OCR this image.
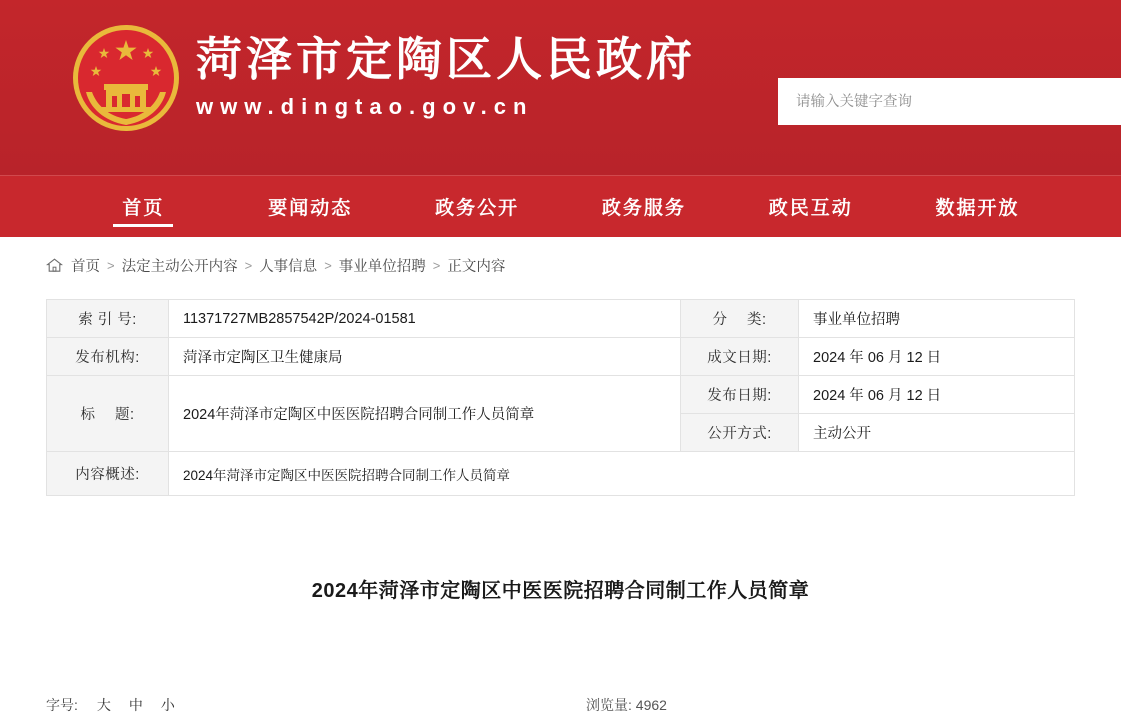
菏泽市定陶区人民政府
www.dingtao.gov.cn
请输入关键字查询
首页	要闻动态	政务公开	政务服务	政民互动	数据开放
首页 > 法定主动公开内容 > 人事信息 > 事业单位招聘 > 正文内容
索 引 号:	11371727MB2857542P/2024-01581	分　 类:	事业单位招聘
发布机构:	菏泽市定陶区卫生健康局	成文日期:	2024 年 06 月 12 日
标　 题:	2024年菏泽市定陶区中医医院招聘合同制工作人员简章	发布日期:	2024 年 06 月 12 日
		公开方式:	主动公开
内容概述:	2024年菏泽市定陶区中医医院招聘合同制工作人员简章		
2024年菏泽市定陶区中医医院招聘合同制工作人员简章
字号: 大 中 小	浏览量: 4962
